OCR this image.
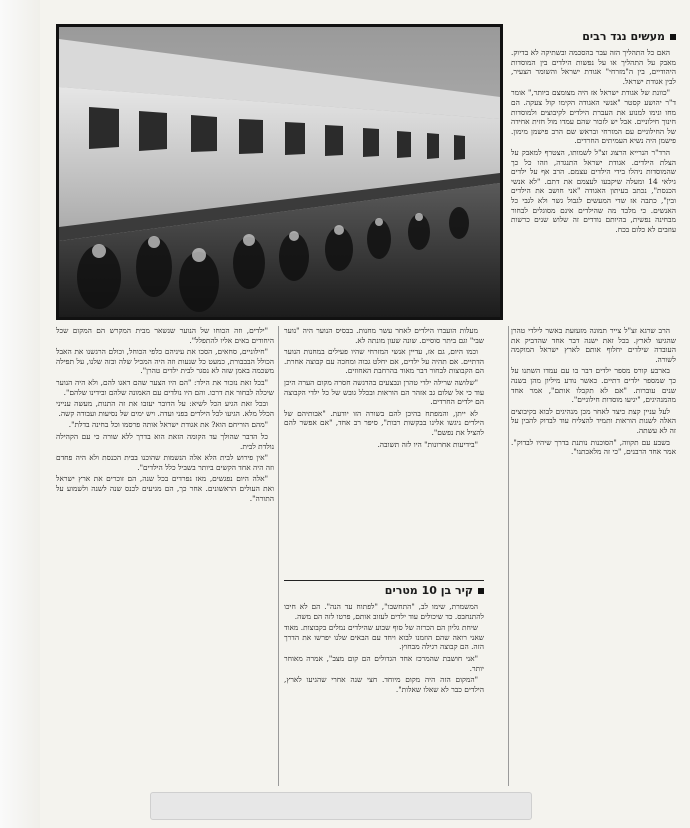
מעשים נגד רבים

האם כל התהליך הזה עבר בהסכמה ובשתיקה לא בדיוק. מאבק על התהליך או על נפשות הילדים בין המוסדות היהודיים, בין ה"מזרחי" אגודת ישראל והשומר הצעיר, לבין אגודת ישראל.

"כוונת של אגודת ישראל אז היה מצומצם ביותר," אומר ד"ר יהושע קסטר "אנשי האגודה הקימו קול צעקה. הם מחו ונימו למנוע את העברת הילדים לקיבוצים ולמוסדות חינוך חילוניים. אבל יש לזכור שהם עמדו מול חזית אחידה של החילוניים עם המזרחי ובראש שם הרב פישמן מימון. פישמן היה נשיא העמיתים החרדים.

הרד"ר הנרייא הרצוג זצ"ל לשמותו, הצטרף למאבק על הצלת הילדים. אגודת ישראל התנגדה, וזהו כל כך שהמוסדות ניהלו בידי הילדים עצמם. הרב אף על ילדים גילאי 14 ומעלה שיקבעו לעצמם את דתם. "לא אנשי הכנסת", נכתב בעיתון האגודה "אני חושב את הילדים ובין", כתבה אז שדי המעשים לגבול גשר ולא לגבי כל האנשים. כי מלבד מה שהילדים אינם מסוגלים לבחור מבחינה נפשית, בהיותם נודדים זה שלוש שנים כרשות עוזבים לא כלום בכח.

הרב שרגא זצ"ל צייר תמונה מזעזעת באשר לילדי טהרן שהגיעו לארץ. בכל זאת ישנה דבר אחד שהדביק את העובדה שילדים יחלוף אותם לארץ ישראל המוקמה לשורה.

בארבע קורס מספר ילדים דבר בו עם עמדו השתנו על כך שמספר ילדים דתיים. כאשר נודע מיליון מהן בשנה שנים עוברות. "אם לא תקבלו אותם", אמר אחד מהמנהיגים, "יגיעו מוסדות חילוניים".

לעל עניין קצת כיצד לאחר מכן מנהיגים לבוא בקיבוצים האלה לשנות הוראות ותמיד להצליח עוד לבדוק להבין על זה לא עשתה.

בשבע עם תקווה, "הסוכנות נותנת בדרך שיהיו לבדוק". אמר אחד הרבנים, "כי זה מלאכתנו".

מעלות הועברו הילדים לאחר עשר מחנות. בבסיס הנוער היה "נוער שבי" וגם ביתר סוסיים. שונה שעון מונתה לא.

וכמו היום, גם אז, עדיין אנשי המזרחי שהיו פעילים במחנות הנוער הדתיים. אם תהיה על ילדים, אם יחלט גבוה ומחכה עם קבוצה אחרת. הם הקבוצות לבחור דבר מאוד בהרחבת האחוזים.

"שלושה שרילה ילדי טהרן ונבצעים בהדגשה חסרה מקום הערה היכן עוד כי אל שלום גב אזהר הם הוראות ובכלל גובש של כל ילדי הקבוצה הם ילדים החרדים.

לא ייתן, והמפתח בהיכן להם בשורה הזו יודעת. "אבותיהם של הילדים ניגשו אלינו בבקשות רבות", סיפר רב אחד, "אם אפשר להם להציל את נפשם".

"בידיעות אחרונות" היו לזה תשובה.

קיר בן 10 מטרים

המשמרת, שימו לב, "התחשבו", "לפתוח עד הנה". הם לא חיכו להתנחבס. כד שיכולים עוד ילדים לעזוב אותם, פרטו לזה הם משה.

שיחת גליון הם הכרזה של סוף שבוע שהילדים נמלים בקבוצות. מאוד שאני רואה שהם הוזמנו לבוא ויחד עם הבאים שלנו יפרשו את הדרך הזה. הם קבוצה רגילה מבחוץ.

"אני חושבת שהמרכז אחד הגדולים הם קום מצב", אמרה מאוחר יותר.

"המקום הזה היה מקום מיוחד. חצי שנה אחרי שהגיעו לארץ, הילדים כבר לא שאלו שאלות".

"ילדים, וזה הכוחו של הנוער שנשאר מבית המקרש הם המקום שכל היחודים באים אליו להתפלל".

"חילוניים, סחאים, הסכו את עיניהם כלפי הכוחל, וכולם הרגשנו את האבל הכולל הבבבורת, כמעט כל שנעות וזה היה המכיל שלה ובזה שלנו, על תפילה משכמה באמן שזה לא נסגר לבית ילדים טהרן".

"בכל זאת נזכור את הילד: "הם היו הצער שהם דאגו להם, ולא היה הנוער שיכלה לבחור את דרכו. והם היו נולדים עם האמונה שלהם ובידינו שלהם".

ובכל זאת הגיע הכל לשיא: על הדובר יעזבו את זה התנות, מעשה ענייני הכלל מלא. הגיעו לכל הילדים בפני ועדה. ויש ימים של נסיעות ועבודה קשה.

"מהם הוריחם הוא? את אגודת ישראל אותה פרסמו וכל בחינה בדלת".

כל הדבר שהולך עד הקומה הזאת הוא בדרך ללא שורה כי עם הקהילה נולדת לבית.

"אין פירוש לבית הלא אלה הנשמות שהוכנו בבית הכנסת ולא היה פחדם וזה היה אחד הקשים ביותר בשביל כלל הילדים".

"אלה היום נפגשים, מאז נפרדים בכל שנה, הם זוכרים את ארץ ישראל ואת העולים הראשונים. אחר כך, הם מגיעים לכנס שנה לשנה ולשמוע על התורה".
